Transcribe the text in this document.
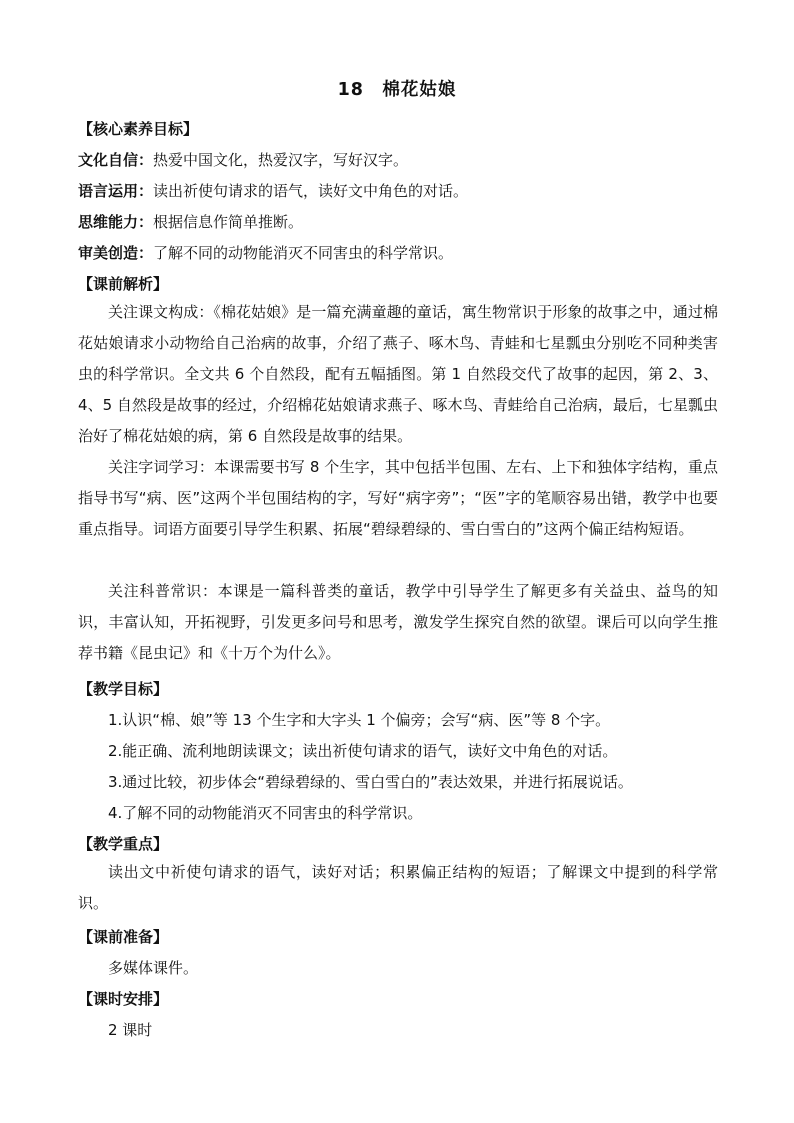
18　棉花姑娘
【核心素养目标】
文化自信：热爱中国文化，热爱汉字，写好汉字。
语言运用：读出祈使句请求的语气，读好文中角色的对话。
思维能力：根据信息作简单推断。
审美创造：了解不同的动物能消灭不同害虫的科学常识。
【课前解析】
关注课文构成：《棉花姑娘》是一篇充满童趣的童话，寓生物常识于形象的故事之中，通过棉花姑娘请求小动物给自己治病的故事，介绍了燕子、啄木鸟、青蛙和七星瓢虫分别吃不同种类害虫的科学常识。全文共 6 个自然段，配有五幅插图。第 1 自然段交代了故事的起因，第 2、3、4、5 自然段是故事的经过，介绍棉花姑娘请求燕子、啄木鸟、青蛙给自己治病，最后，七星瓢虫治好了棉花姑娘的病，第 6 自然段是故事的结果。
关注字词学习：本课需要书写 8 个生字，其中包括半包围、左右、上下和独体字结构，重点指导书写“病、医”这两个半包围结构的字，写好“病字旁”；“医”字的笔顺容易出错，教学中也要重点指导。词语方面要引导学生积累、拓展“碧绿碧绿的、雪白雪白的”这两个偏正结构短语。
关注科普常识：本课是一篇科普类的童话，教学中引导学生了解更多有关益虫、益鸟的知识，丰富认知，开拓视野，引发更多问号和思考，激发学生探究自然的欲望。课后可以向学生推荐书籍《昆虫记》和《十万个为什么》。
【教学目标】
1.认识“棉、娘”等 13 个生字和大字头 1 个偏旁；会写“病、医”等 8 个字。
2.能正确、流利地朗读课文；读出祈使句请求的语气，读好文中角色的对话。
3.通过比较，初步体会“碧绿碧绿的、雪白雪白的”表达效果，并进行拓展说话。
4.了解不同的动物能消灭不同害虫的科学常识。
【教学重点】
读出文中祈使句请求的语气，读好对话；积累偏正结构的短语；了解课文中提到的科学常识。
【课前准备】
多媒体课件。
【课时安排】
2 课时
